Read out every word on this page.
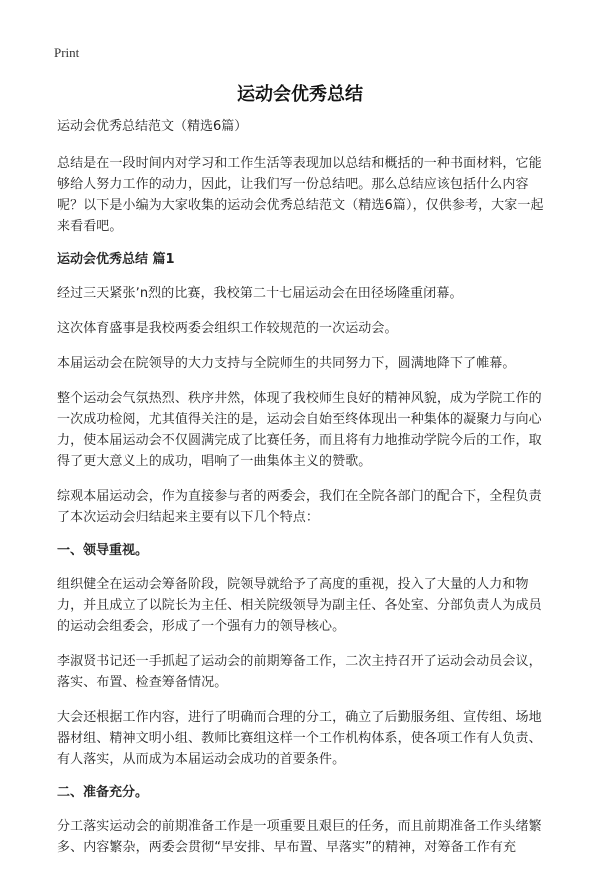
Print
运动会优秀总结
运动会优秀总结范文（精选6篇）

总结是在一段时间内对学习和工作生活等表现加以总结和概括的一种书面材料，它能够给人努力工作的动力，因此，让我们写一份总结吧。那么总结应该包括什么内容呢？以下是小编为大家收集的运动会优秀总结范文（精选6篇），仅供参考，大家一起来看看吧。

运动会优秀总结 篇1

经过三天紧张ʼn烈的比赛，我校第二十七届运动会在田径场隆重闭幕。

这次体育盛事是我校两委会组织工作较规范的一次运动会。

本届运动会在院领导的大力支持与全院师生的共同努力下，圆满地降下了帷幕。

整个运动会气氛热烈、秩序井然，体现了我校师生良好的精神风貌，成为学院工作的一次成功检阅，尤其值得关注的是，运动会自始至终体现出一种集体的凝聚力与向心力，使本届运动会不仅圆满完成了比赛任务，而且将有力地推动学院今后的工作，取得了更大意义上的成功，唱响了一曲集体主义的赞歌。

综观本届运动会，作为直接参与者的两委会，我们在全院各部门的配合下，全程负责了本次运动会归结起来主要有以下几个特点：

一、领导重视。

组织健全在运动会筹备阶段，院领导就给予了高度的重视，投入了大量的人力和物力，并且成立了以院长为主任、相关院级领导为副主任、各处室、分部负责人为成员的运动会组委会，形成了一个强有力的领导核心。

李淑贤书记还一手抓起了运动会的前期筹备工作，二次主持召开了运动会动员会议，落实、布置、检查筹备情况。

大会还根据工作内容，进行了明确而合理的分工，确立了后勤服务组、宣传组、场地器材组、精神文明小组、教师比赛组这样一个工作机构体系，使各项工作有人负责、有人落实，从而成为本届运动会成功的首要条件。

二、准备充分。

分工落实运动会的前期准备工作是一项重要且艰巨的任务，而且前期准备工作头绪繁多、内容繁杂，两委会贯彻“早安排、早布置、早落实”的精神，对筹备工作有充
